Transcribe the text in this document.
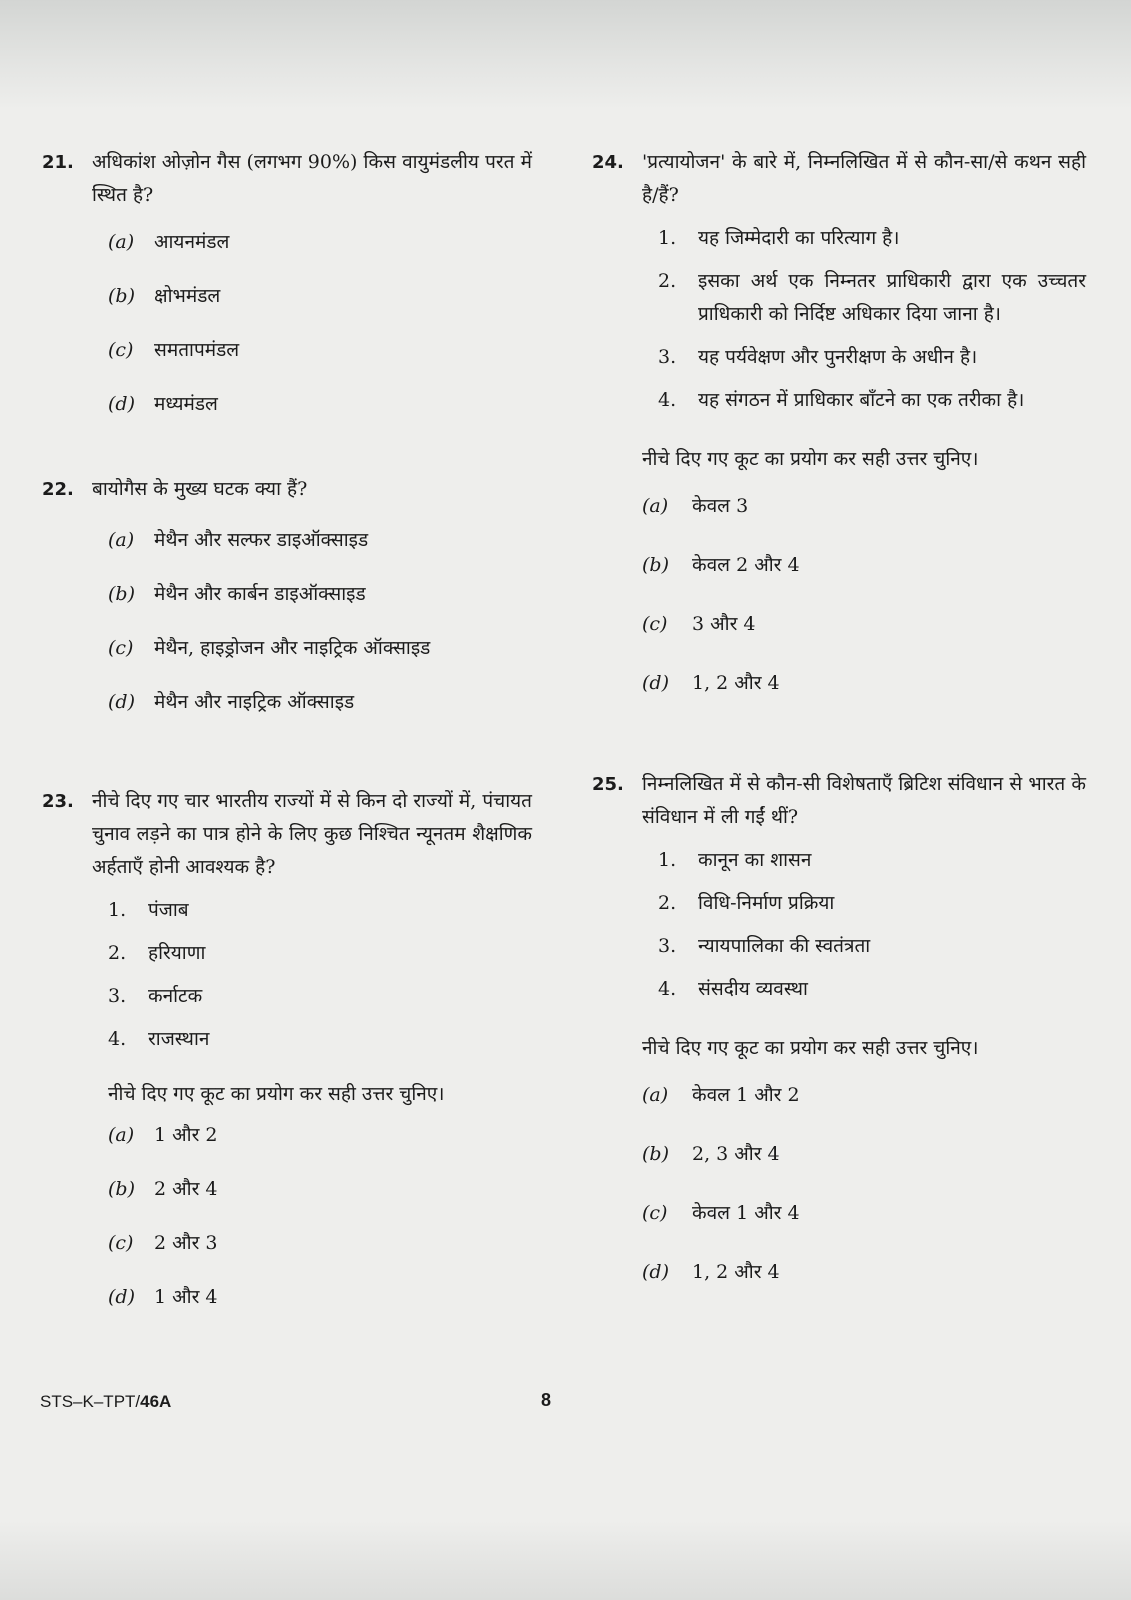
21. अधिकांश ओज़ोन गैस (लगभग 90%) किस वायुमंडलीय परत में स्थित है?
(a) आयनमंडल
(b) क्षोभमंडल
(c) समतापमंडल
(d) मध्यमंडल
22. बायोगैस के मुख्य घटक क्या हैं?
(a) मेथैन और सल्फर डाइऑक्साइड
(b) मेथैन और कार्बन डाइऑक्साइड
(c) मेथैन, हाइड्रोजन और नाइट्रिक ऑक्साइड
(d) मेथैन और नाइट्रिक ऑक्साइड
23. नीचे दिए गए चार भारतीय राज्यों में से किन दो राज्यों में, पंचायत चुनाव लड़ने का पात्र होने के लिए कुछ निश्चित न्यूनतम शैक्षणिक अर्हताएँ होनी आवश्यक है?
1. पंजाब
2. हरियाणा
3. कर्नाटक
4. राजस्थान
नीचे दिए गए कूट का प्रयोग कर सही उत्तर चुनिए।
(a) 1 और 2
(b) 2 और 4
(c) 2 और 3
(d) 1 और 4
24. 'प्रत्यायोजन' के बारे में, निम्नलिखित में से कौन-सा/से कथन सही है/हैं?
1. यह जिम्मेदारी का परित्याग है।
2. इसका अर्थ एक निम्नतर प्राधिकारी द्वारा एक उच्चतर प्राधिकारी को निर्दिष्ट अधिकार दिया जाना है।
3. यह पर्यवेक्षण और पुनरीक्षण के अधीन है।
4. यह संगठन में प्राधिकार बाँटने का एक तरीका है।
नीचे दिए गए कूट का प्रयोग कर सही उत्तर चुनिए।
(a) केवल 3
(b) केवल 2 और 4
(c) 3 और 4
(d) 1, 2 और 4
25. निम्नलिखित में से कौन-सी विशेषताएँ ब्रिटिश संविधान से भारत के संविधान में ली गईं थीं?
1. कानून का शासन
2. विधि-निर्माण प्रक्रिया
3. न्यायपालिका की स्वतंत्रता
4. संसदीय व्यवस्था
नीचे दिए गए कूट का प्रयोग कर सही उत्तर चुनिए।
(a) केवल 1 और 2
(b) 2, 3 और 4
(c) केवल 1 और 4
(d) 1, 2 और 4
STS–K–TPT/46A	8
